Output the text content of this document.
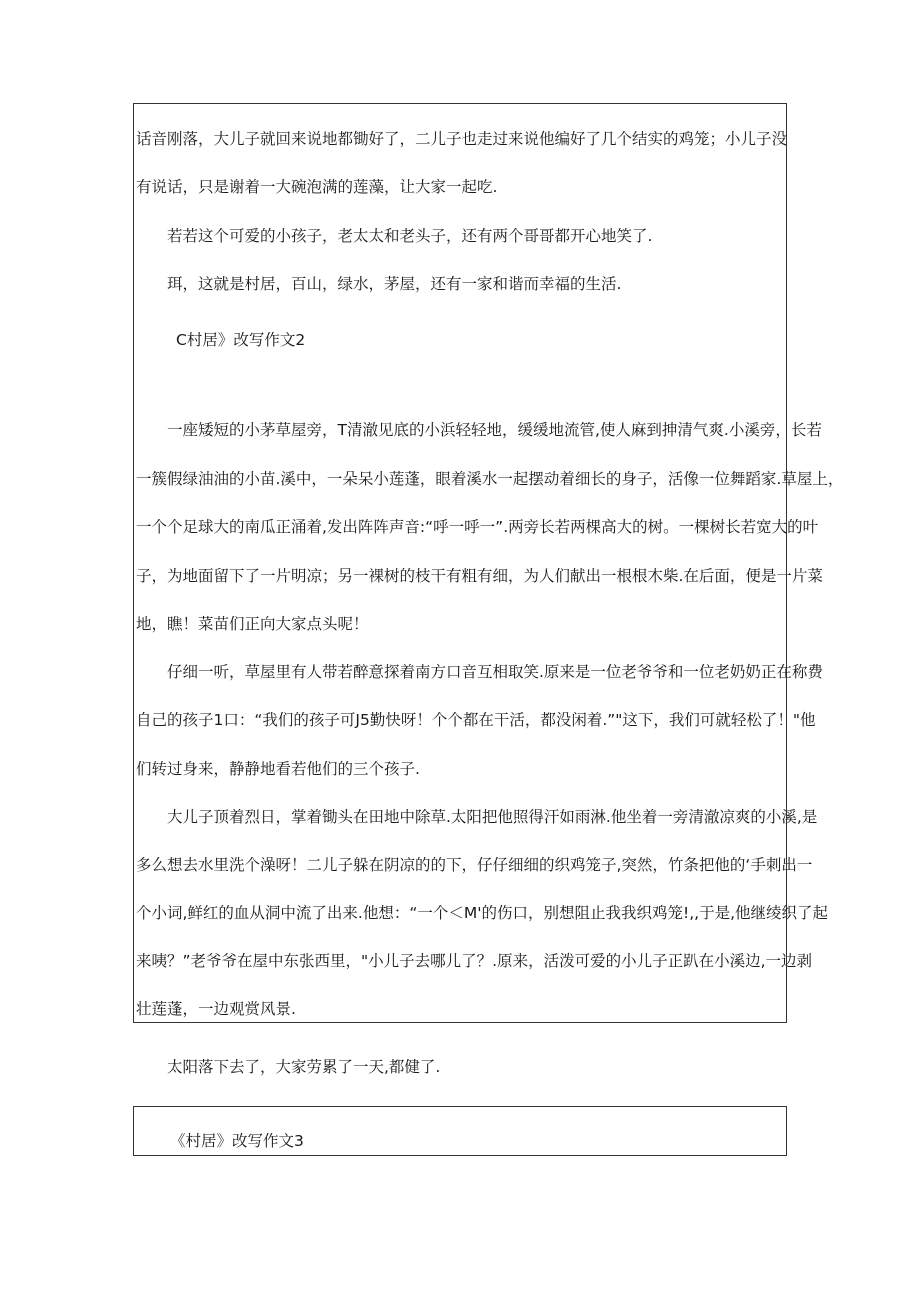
话音刚落，大儿子就回来说地都锄好了，二儿子也走过来说他编好了几个结实的鸡笼；小儿子没
有说话，只是谢着一大碗泡满的莲藻，让大家一起吃.
若若这个可爱的小孩子，老太太和老头子，还有两个哥哥都开心地笑了.
珥，这就是村居，百山，绿水，茅屋，还有一家和谐而幸福的生活.
C村居》改写作文2
一座矮短的小茅草屋旁，T清澈见底的小浜轻轻地，缓缓地流管,使人麻到抻清气爽.小溪旁，长若
一簇假绿油油的小苗.溪中，一朵呆小莲蓬，眼着溪水一起摆动着细长的身子，活像一位舞蹈家.草屋上，
一个个足球大的南瓜正涌着,发出阵阵声音:“呼一呼一”.两旁长若两棵高大的树。一棵树长若宽大的叶
子，为地面留下了一片明凉；另一裸树的枝干有粗有细，为人们献出一根根木柴.在后面，便是一片菜
地，瞧！菜苗们正向大家点头呢！
仔细一听，草屋里有人带若醉意探着南方口音互相取笑.原来是一位老爷爷和一位老奶奶正在称费
自己的孩子1口：“我们的孩子可J5勤快呀！个个都在干活，都没闲着.”"这下，我们可就轻松了！"他
们转过身来，静静地看若他们的三个孩子.
大儿子顶着烈日，掌着锄头在田地中除草.太阳把他照得汗如雨淋.他坐着一旁清澈凉爽的小溪,是
多么想去水里洗个澡呀！二儿子躲在阴凉的的下，仔仔细细的织鸡笼子,突然，竹条把他的‘手刺出一
个小词,鲜红的血从洞中流了出来.他想：“一个＜M'的伤口，别想阻止我我织鸡笼!,,于是,他继绫织了起
来咦？”老爷爷在屋中东张西里，"小儿子去哪儿了？.原来，活泼可爱的小儿子正趴在小溪边,一边剥
壮莲蓬，一边观赏风景.
太阳落下去了，大家劳累了一天,都健了.
《村居》改写作文3
